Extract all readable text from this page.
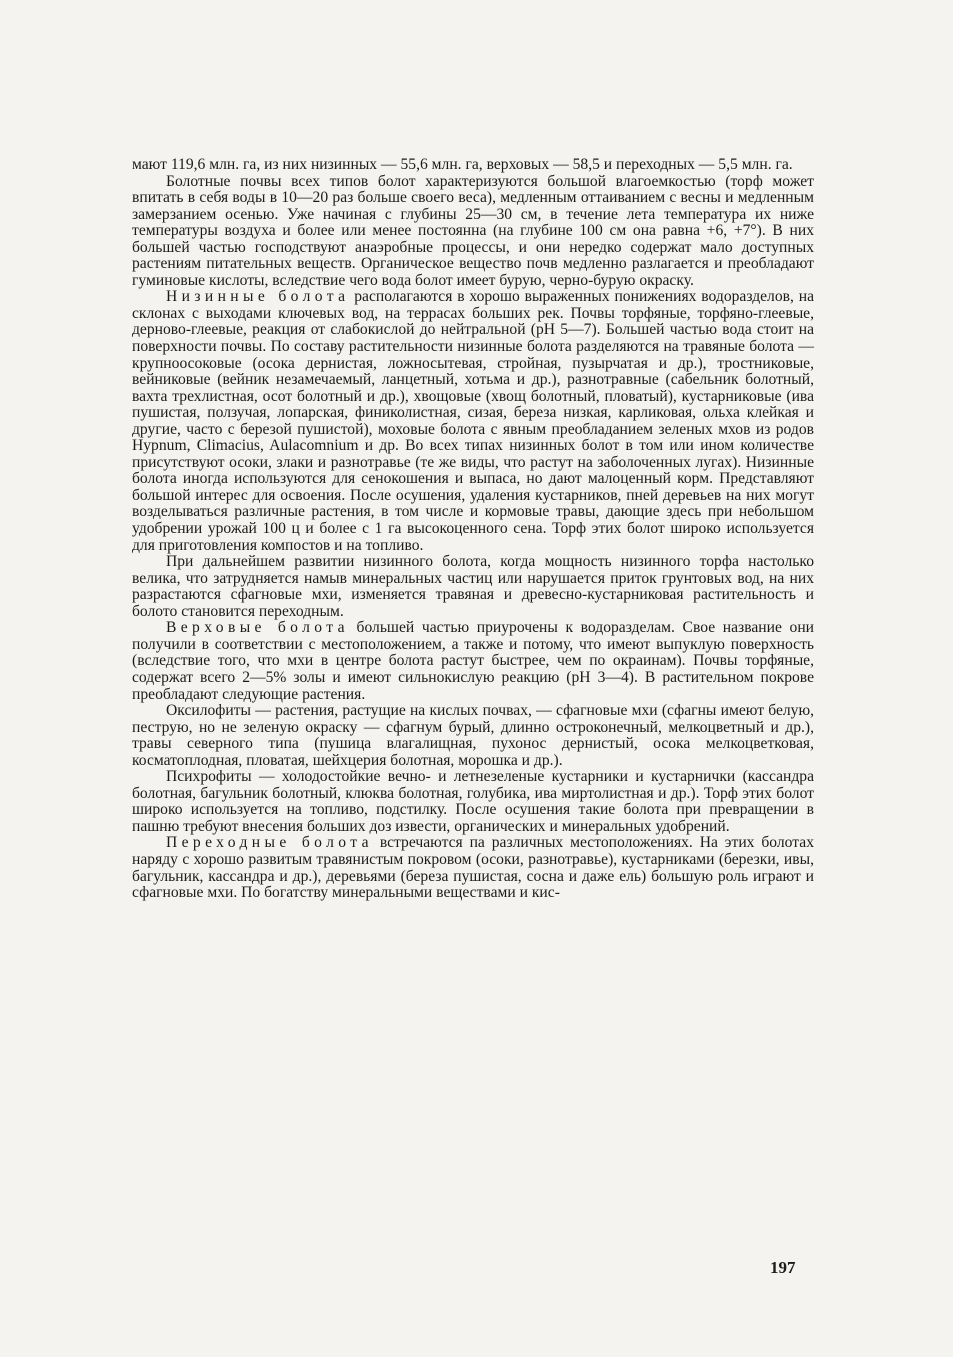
мают 119,6 млн. га, из них низинных — 55,6 млн. га, верховых — 58,5 и переходных — 5,5 млн. га.

Болотные почвы всех типов болот характеризуются большой влагоемкостью (торф может впитать в себя воды в 10—20 раз больше своего веса), медленным оттаиванием с весны и медленным замерзанием осенью. Уже начиная с глубины 25—30 см, в течение лета температура их ниже температуры воздуха и более или менее постоянна (на глубине 100 см она равна +6, +7°). В них большей частью господствуют анаэробные процессы, и они нередко содержат мало доступных растениям питательных веществ. Органическое вещество почв медленно разлагается и преобладают гуминовые кислоты, вследствие чего вода болот имеет бурую, черно-бурую окраску.

Низинные болота располагаются в хорошо выраженных понижениях водоразделов, на склонах с выходами ключевых вод, на террасах больших рек. Почвы торфяные, торфяно-глеевые, дерново-глеевые, реакция от слабокислой до нейтральной (pH 5—7). Большей частью вода стоит на поверхности почвы. По составу растительности низинные болота разделяются на травяные болота — крупноосоковые (осока дернистая, ложносытевая, стройная, пузырчатая и др.), тростниковые, вейниковые (вейник незамечаемый, ланцетный, хотьма и др.), разнотравные (сабельник болотный, вахта трехлистная, осот болотный и др.), хвощовые (хвощ болотный, пловатый), кустарниковые (ива пушистая, ползучая, лопарская, финиколистная, сизая, береза низкая, карликовая, ольха клейкая и другие, часто с березой пушистой), моховые болота с явным преобладанием зеленых мхов из родов Hypnum, Climacius, Aulacomnium и др. Во всех типах низинных болот в том или ином количестве присутствуют осоки, злаки и разнотравье (те же виды, что растут на заболоченных лугах). Низинные болота иногда используются для сенокошения и выпаса, но дают малоценный корм. Представляют большой интерес для освоения. После осушения, удаления кустарников, пней деревьев на них могут возделываться различные растения, в том числе и кормовые травы, дающие здесь при небольшом удобрении урожай 100 ц и более с 1 га высокоценного сена. Торф этих болот широко используется для приготовления компостов и на топливо.

При дальнейшем развитии низинного болота, когда мощность низинного торфа настолько велика, что затрудняется намыв минеральных частиц или нарушается приток грунтовых вод, на них разрастаются сфагновые мхи, изменяется травяная и древесно-кустарниковая растительность и болото становится переходным.

Верховые болота большей частью приурочены к водоразделам. Свое название они получили в соответствии с местоположением, а также и потому, что имеют выпуклую поверхность (вследствие того, что мхи в центре болота растут быстрее, чем по окраинам). Почвы торфяные, содержат всего 2—5% золы и имеют сильнокислую реакцию (pH 3—4). В растительном покрове преобладают следующие растения.

Оксилофиты — растения, растущие на кислых почвах, — сфагновые мхи (сфагны имеют белую, пеструю, но не зеленую окраску — сфагнум бурый, длинно остроконечный, мелкоцветный и др.), травы северного типа (пушица влагалищная, пухонос дернистый, осока мелкоцветковая, косматоплодная, пловатая, шейхцерия болотная, морошка и др.).

Психрофиты — холодостойкие вечно- и летнезеленые кустарники и кустарнички (кассандра болотная, багульник болотный, клюква болотная, голубика, ива миртолистная и др.). Торф этих болот широко используется на топливо, подстилку. После осушения такие болота при превращении в пашню требуют внесения больших доз извести, органических и минеральных удобрений.

Переходные болота встречаются па различных местоположениях. На этих болотах наряду с хорошо развитым травянистым покровом (осоки, разнотравье), кустарниками (березки, ивы, багульник, кассандра и др.), деревьями (береза пушистая, сосна и даже ель) большую роль играют и сфагновые мхи. По богатству минеральными веществами и кис-

197
